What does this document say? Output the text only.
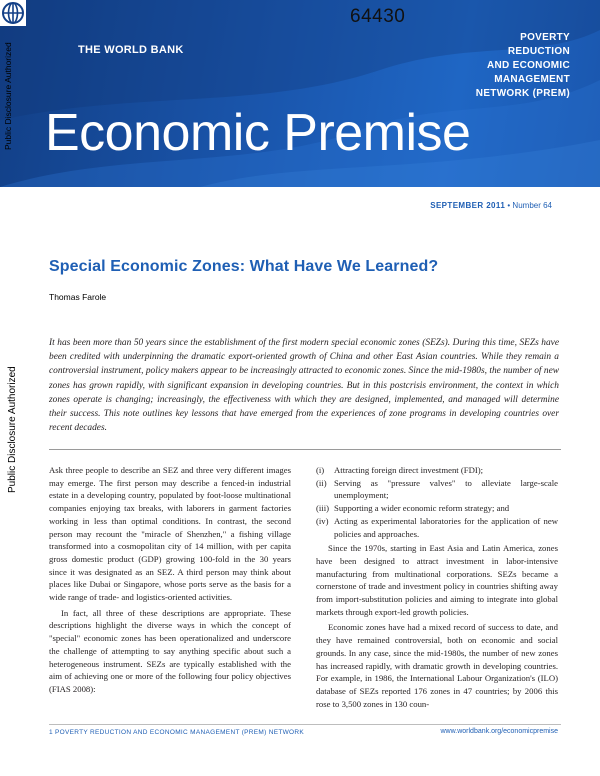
64430
THE WORLD BANK
POVERTY
REDUCTION
AND ECONOMIC
MANAGEMENT
NETWORK (PREM)
Economic Premise
Public Disclosure Authorized
Public Disclosure Authorized
SEPTEMBER 2011 • Number 64
Special Economic Zones: What Have We Learned?
Thomas Farole
It has been more than 50 years since the establishment of the first modern special economic zones (SEZs). During this time, SEZs have been credited with underpinning the dramatic export-oriented growth of China and other East Asian countries. While they remain a controversial instrument, policy makers appear to be increasingly attracted to economic zones. Since the mid-1980s, the number of new zones has grown rapidly, with significant expansion in developing countries. But in this postcrisis environment, the context in which zones operate is changing; increasingly, the effectiveness with which they are designed, implemented, and managed will determine their success. This note outlines key lessons that have emerged from the experiences of zone programs in developing countries over recent decades.

Ask three people to describe an SEZ and three very different images may emerge. The first person may describe a fenced-in industrial estate in a developing country, populated by foot-loose multinational companies enjoying tax breaks, with laborers in garment factories working in less than optimal conditions. In contrast, the second person may recount the "miracle of Shenzhen," a fishing village transformed into a cosmopolitan city of 14 million, with per capita gross domestic product (GDP) growing 100-fold in the 30 years since it was designated as an SEZ. A third person may think about places like Dubai or Singapore, whose ports serve as the basis for a wide range of trade- and logistics-oriented activities.

In fact, all three of these descriptions are appropriate. These descriptions highlight the diverse ways in which the concept of "special" economic zones has been operationalized and underscore the challenge of attempting to say anything specific about such a heterogeneous instrument. SEZs are typically established with the aim of achieving one or more of the following four policy objectives (FIAS 2008):

(i) Attracting foreign direct investment (FDI);
(ii) Serving as "pressure valves" to alleviate large-scale unemployment;
(iii) Supporting a wider economic reform strategy; and
(iv) Acting as experimental laboratories for the application of new policies and approaches.

Since the 1970s, starting in East Asia and Latin America, zones have been designed to attract investment in labor-intensive manufacturing from multinational corporations. SEZs became a cornerstone of trade and investment policy in countries shifting away from import-substitution policies and aiming to integrate into global markets through export-led growth policies.

Economic zones have had a mixed record of success to date, and they have remained controversial, both on economic and social grounds. In any case, since the mid-1980s, the number of new zones has increased rapidly, with dramatic growth in developing countries. For example, in 1986, the International Labour Organization's (ILO) database of SEZs reported 176 zones in 47 countries; by 2006 this rose to 3,500 zones in 130 coun-

1 POVERTY REDUCTION AND ECONOMIC MANAGEMENT (PREM) NETWORK	www.worldbank.org/economicpremise
